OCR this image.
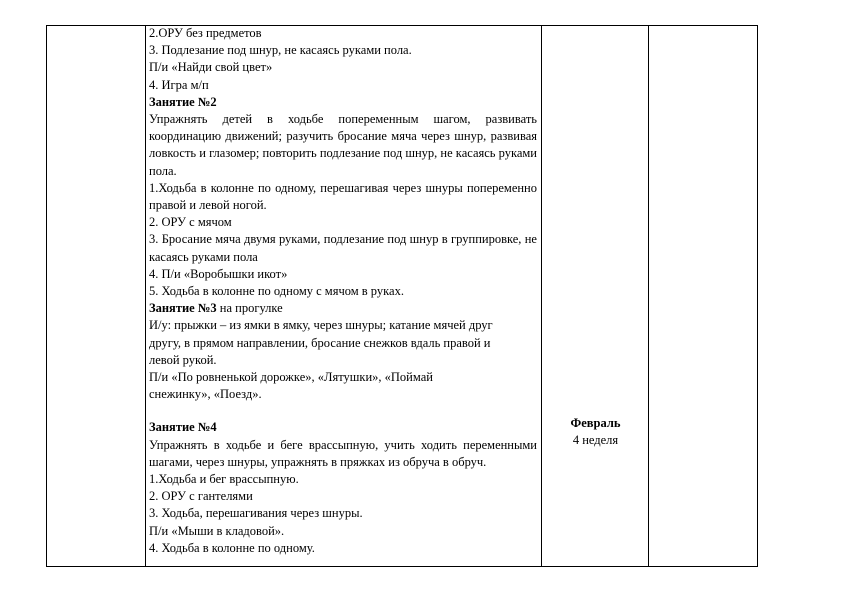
2.ОРУ без предметов

3. Подлезание под шнур, не касаясь руками пола.

П/и «Найди свой цвет»

4. Игра м/п

Занятие №2

Упражнять детей в ходьбе попеременным шагом, развивать координацию движений; разучить бросание мяча через шнур, развивая ловкость и глазомер; повторить подлезание под шнур, не касаясь руками пола.

1.Ходьба в колонне по одному, перешагивая через шнуры попеременно правой и левой ногой.

2. ОРУ с мячом

3. Бросание мяча двумя руками, подлезание под шнур в группировке, не касаясь руками пола

4. П/и «Воробышки икот»

5. Ходьба в колонне по одному с мячом в руках.

Занятие №3 на прогулке

И/у: прыжки – из ямки в ямку, через шнуры; катание мячей друг

другу, в прямом направлении, бросание снежков вдаль правой и

левой рукой.

П/и «По ровненькой дорожке», «Лятушки», «Поймай

снежинку», «Поезд».

Занятие №4

Упражнять в ходьбе и беге врассыпную, учить ходить переменными шагами, через шнуры, упражнять в пряжках из обруча в обруч.

1.Ходьба и бег врассыпную.

2. ОРУ с гантелями

3. Ходьба, перешагивания через шнуры.

П/и «Мыши в кладовой».

4. Ходьба в колонне по одному.

Февраль
4 неделя
